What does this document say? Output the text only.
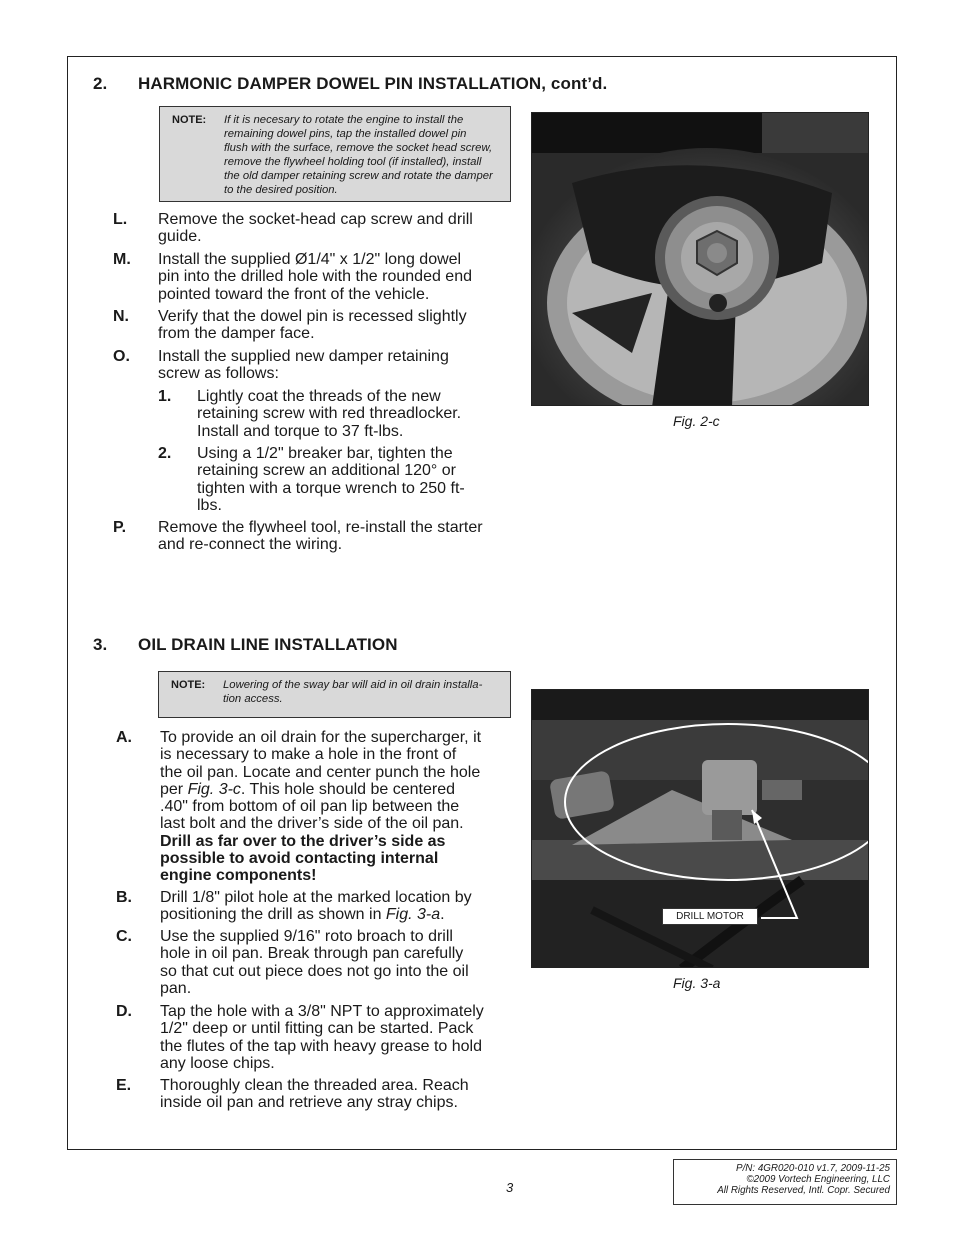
2. HARMONIC DAMPER DOWEL PIN INSTALLATION, cont’d.
NOTE: If it is necesary to rotate the engine to install the
remaining dowel pins, tap the installed dowel pin
flush with the surface, remove the socket head screw,
remove the flywheel holding tool (if installed), install
the old damper retaining screw and rotate the damper
to the desired position.
L. Remove the socket-head cap screw and drill
guide.
M. Install the supplied Ø1/4" x 1/2" long dowel
pin into the drilled hole with the rounded end
pointed toward the front of the vehicle.
N. Verify that the dowel pin is recessed slightly
from the damper face.
O. Install the supplied new damper retaining
screw as follows:
1. Lightly coat the threads of the new
retaining screw with red threadlocker.
Install and torque to 37 ft-lbs.
2. Using a 1/2" breaker bar, tighten the
retaining screw an additional 120° or
tighten with a torque wrench to 250 ft-
lbs.
P. Remove the flywheel tool, re-install the starter
and re-connect the wiring.
Fig. 2-c
3. OIL DRAIN LINE INSTALLATION
NOTE: Lowering of the sway bar will aid in oil drain installa-
tion access.
A. To provide an oil drain for the supercharger, it
is necessary to make a hole in the front of
the oil pan. Locate and center punch the hole
per Fig. 3-c. This hole should be centered
.40" from bottom of oil pan lip between the
last bolt and the driver’s side of the oil pan.
Drill as far over to the driver’s side as
possible to avoid contacting internal
engine components!
B. Drill 1/8" pilot hole at the marked location by
positioning the drill as shown in Fig. 3-a.
C. Use the supplied 9/16" roto broach to drill
hole in oil pan. Break through pan carefully
so that cut out piece does not go into the oil
pan.
D. Tap the hole with a 3/8" NPT to approximately
1/2" deep or until fitting can be started. Pack
the flutes of the tap with heavy grease to hold
any loose chips.
E. Thoroughly clean the threaded area. Reach
inside oil pan and retrieve any stray chips.
DRILL MOTOR
Fig. 3-a
3
P/N: 4GR020-010 v1.7, 2009-11-25
©2009 Vortech Engineering, LLC
All Rights Reserved, Intl. Copr. Secured
